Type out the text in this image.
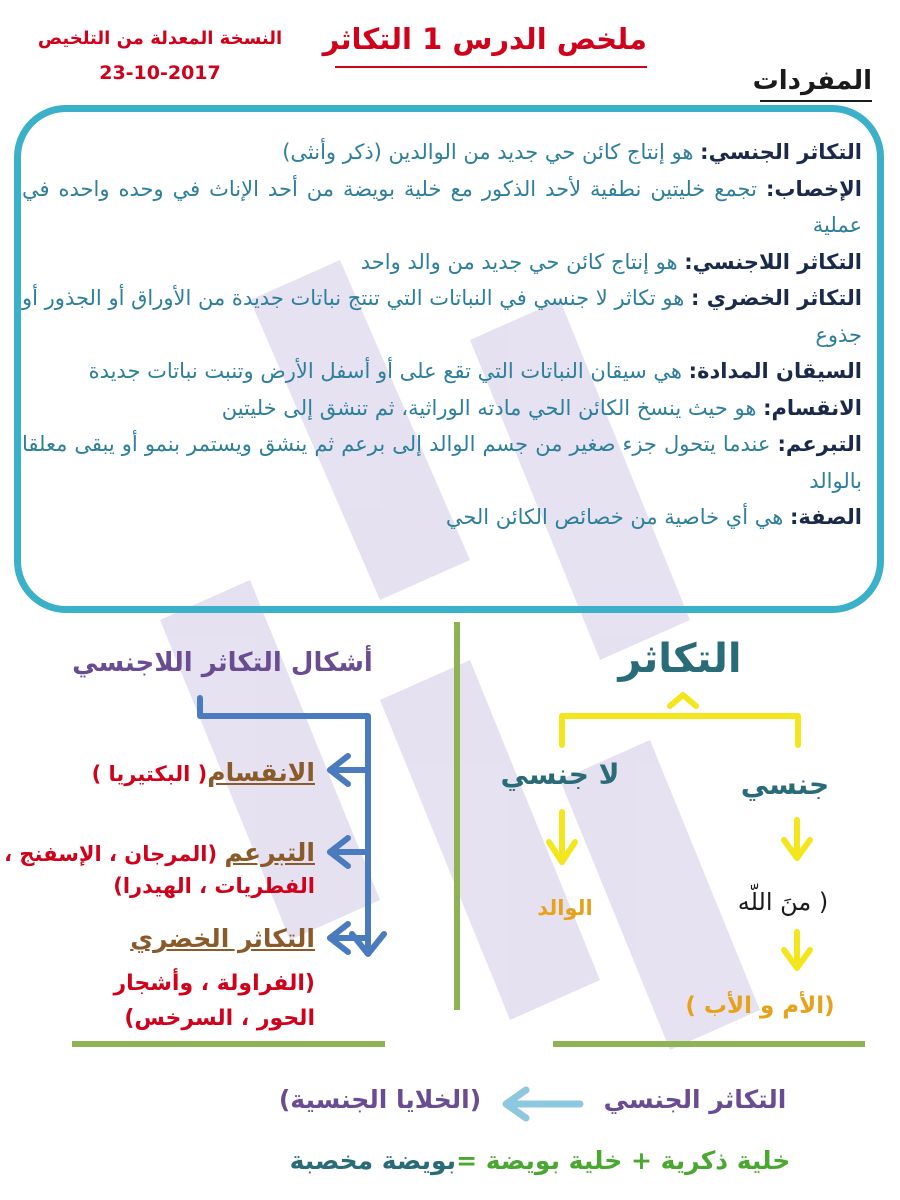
ملخص الدرس 1 التكاثر
النسخة المعدلة من التلخيص
23-10-2017	المفردات

التكاثر الجنسي: هو إنتاج كائن حي جديد من الوالدين (ذكر وأنثى)

الإخصاب: تجمع خليتين نطفية لأحد الذكور مع خلية بويضة من أحد الإناث في وحده واحده في عملية

التكاثر اللاجنسي: هو إنتاج كائن حي جديد من والد واحد

التكاثر الخضري : هو تكاثر لا جنسي في النباتات التي تنتج نباتات جديدة من الأوراق أو الجذور أو جذوع

السيقان المدادة: هي سيقان النباتات التي تقع على أو أسفل الأرض وتنبت نباتات جديدة

الانقسام: هو حيث ينسخ الكائن الحي مادته الوراثية، ثم تنشق إلى خليتين

التبرعم: عندما يتحول جزء صغير من جسم الوالد إلى برعم ثم ينشق ويستمر بنمو أو يبقى معلقا بالوالد

الصفة: هي أي خاصية من خصائص الكائن الحي

أشكال التكاثر اللاجنسي
الانقسام( البكتيريا )
التبرعم (المرجان ، الإسفنج ،
الفطريات ، الهيدرا)
التكاثر الخضري
(الفراولة ، وأشجار الحور ، السرخس)
التكاثر
جنسي
لا جنسي
الوالد	( منَ اللّه
(الأم و الأب )
(الخلايا الجنسية)	التكاثر الجنسي
خلية ذكرية + خلية بويضة =بويضة مخصبة
